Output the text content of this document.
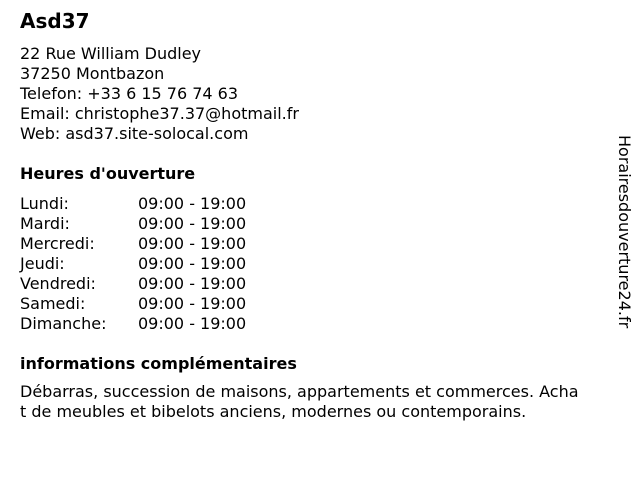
Asd37

22 Rue William Dudley

37250 Montbazon

Telefon: +33 6 15 76 74 63

Email: christophe37.37@hotmail.fr

Web: asd37.site-solocal.com

Heures d'ouverture
Lundi:	09:00 - 19:00
Mardi:	09:00 - 19:00
Mercredi:	09:00 - 19:00
Jeudi:	09:00 - 19:00
Vendredi:	09:00 - 19:00
Samedi:	09:00 - 19:00
Dimanche:	09:00 - 19:00
informations complémentaires

Débarras, succession de maisons, appartements et commerces. Achat de meubles et bibelots anciens, modernes ou contemporains.

Horairesdouverture24.fr
